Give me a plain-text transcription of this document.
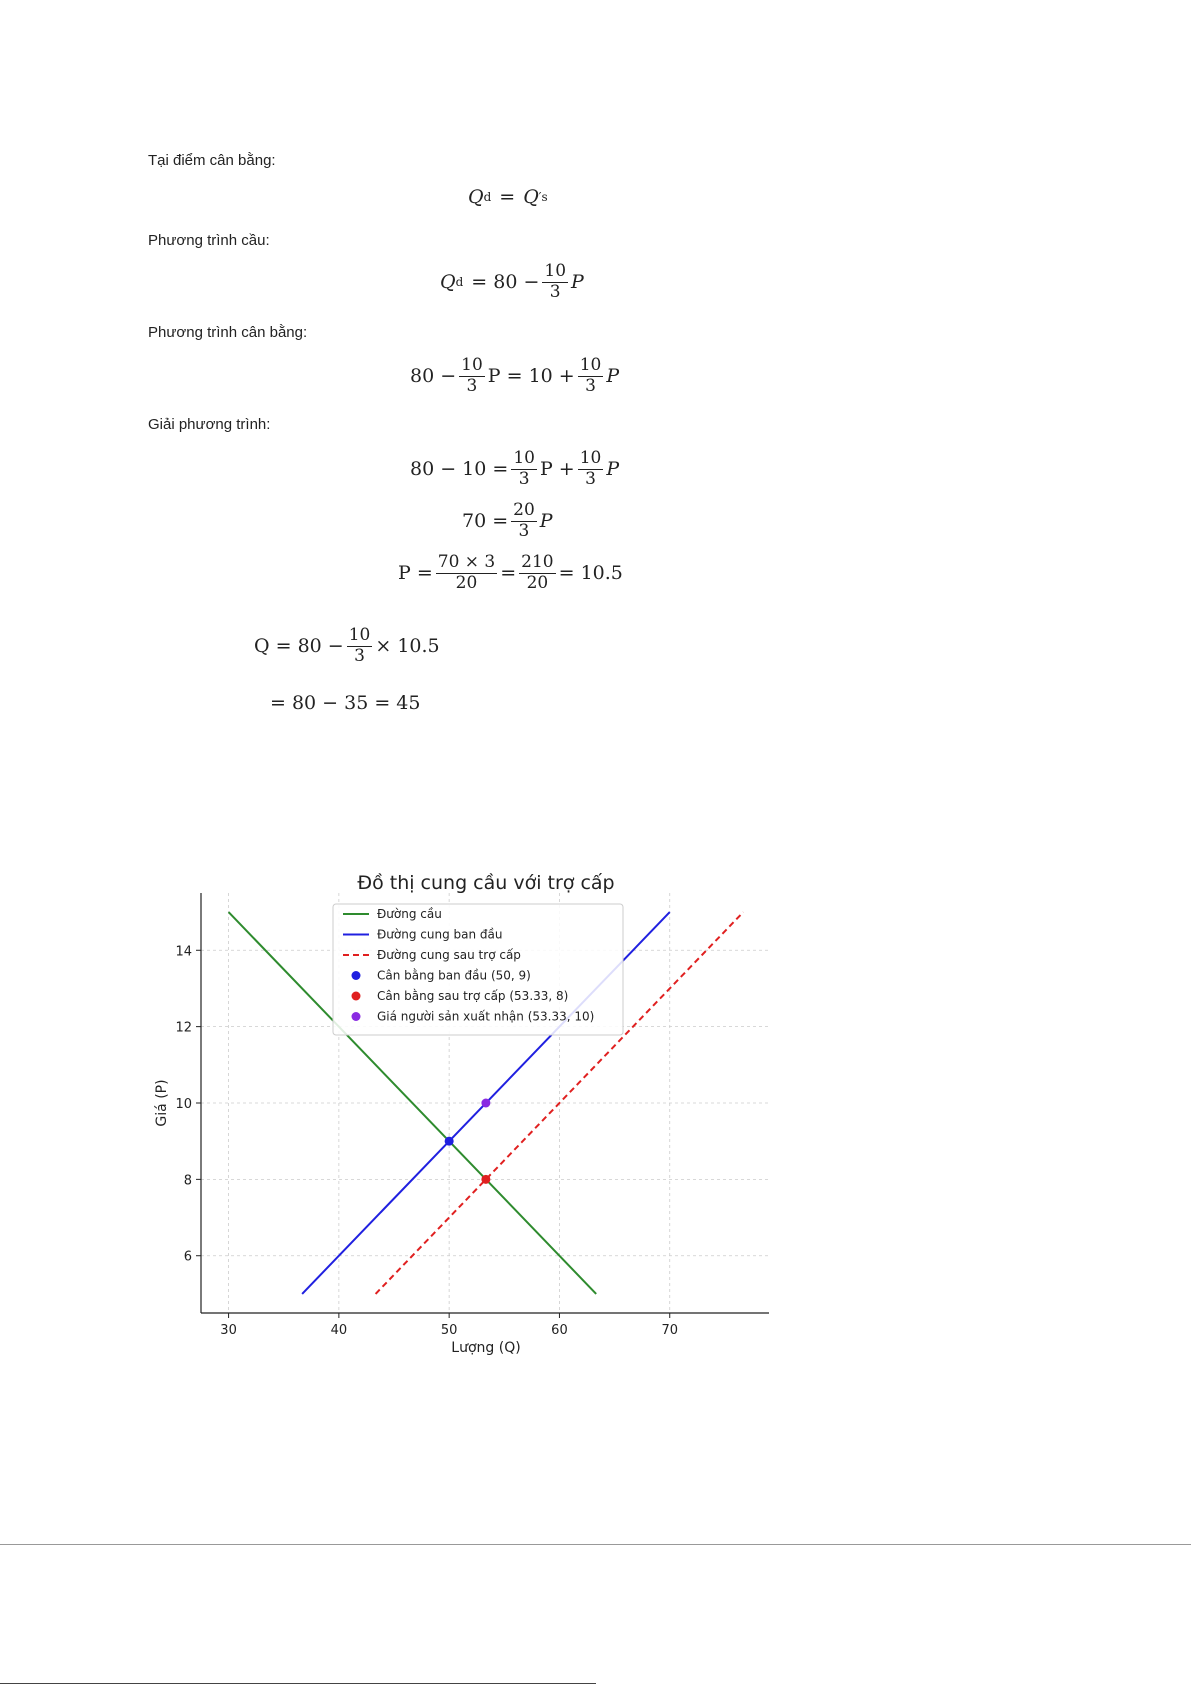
Tại điểm cân bằng:
Phương trình cầu:
Phương trình cân bằng:
Giải phương trình:
Q d = Q ′s
Q $d = 80 - \frac{10}{3}$ P
$80 - \frac{10}{3}$ $P = 10 + \frac{10}{3}$ P
$80 - 10 = \frac{10}{3}$ $P + \frac{10}{3}$ P
$70 = \frac{20}{3}$ P
$P = \frac{70 \times 3}{20} = \frac{210}{20} = 10.5$
$Q = 80 - \frac{10}{3} \times 10.5$
= 80 − 35 = 45
Đồ thị cung cầu với trợ cấp
30	40	50	60	70
6
8
10
12
14
Đường cầu
Đường cung ban đầu
Đường cung sau trợ cấp
Cân bằng ban đầu (50, 9)
Cân bằng sau trợ cấp (53.33, 8)
Giá người sản xuất nhận (53.33, 10)
Lượng (Q)
Giá (P)
